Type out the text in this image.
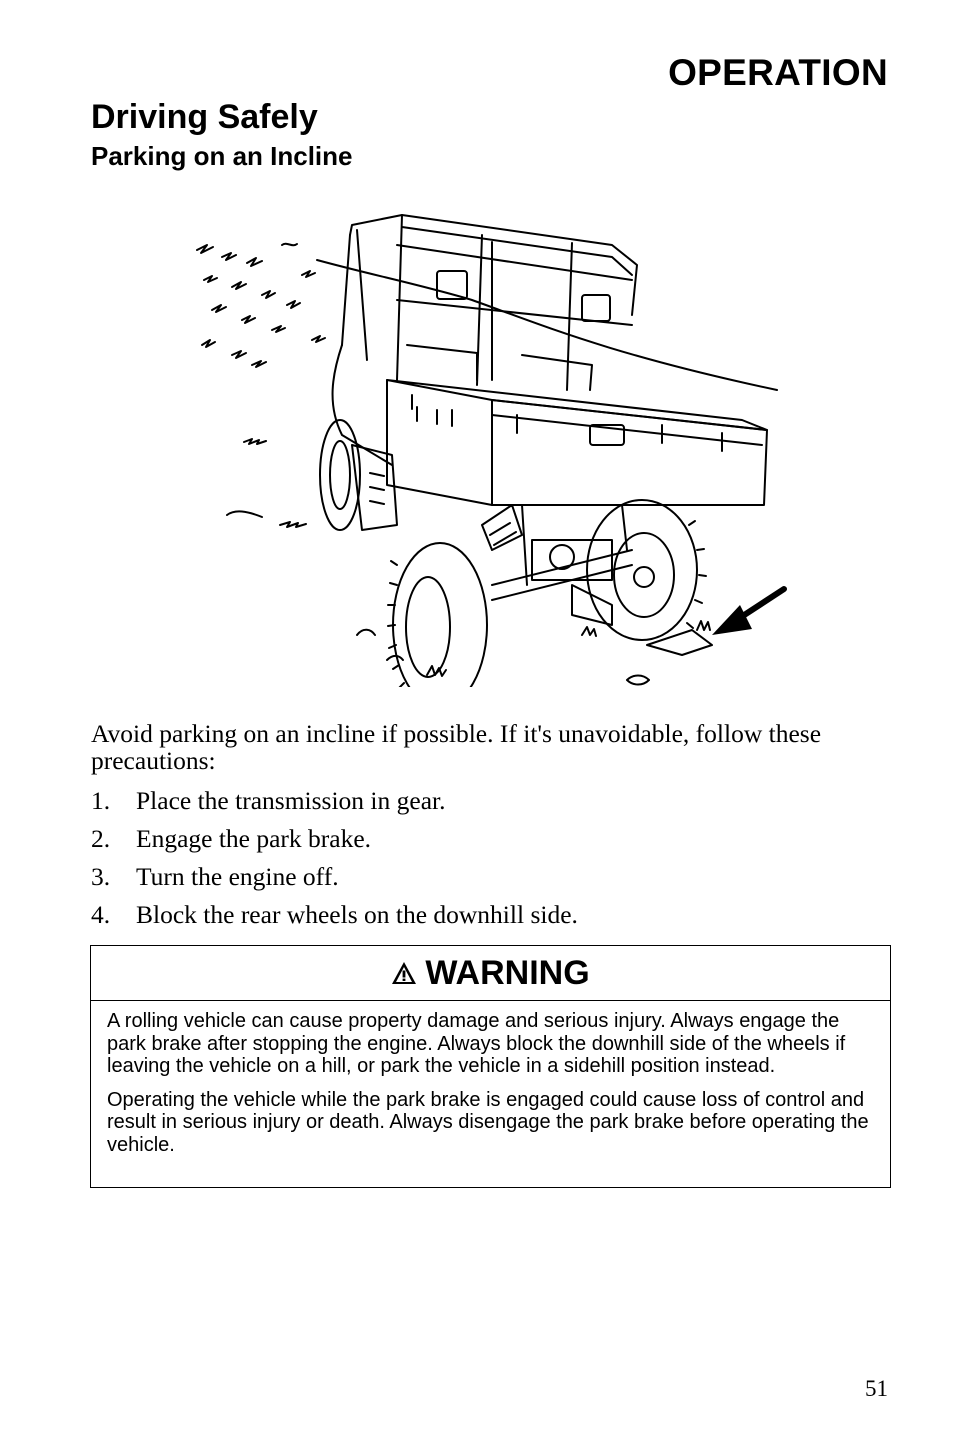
OPERATION
Driving Safely
Parking on an Incline
Avoid parking on an incline if possible. If it's unavoidable, follow these precautions:
1. Place the transmission in gear.
2. Engage the park brake.
3. Turn the engine off.
4. Block the rear wheels on the downhill side.
WARNING

A rolling vehicle can cause property damage and serious injury. Always engage the park brake after stopping the engine. Always block the downhill side of the wheels if leaving the vehicle on a hill, or park the vehicle in a sidehill position instead.

Operating the vehicle while the park brake is engaged could cause loss of control and result in serious injury or death. Always disengage the park brake before operating the vehicle.

51
